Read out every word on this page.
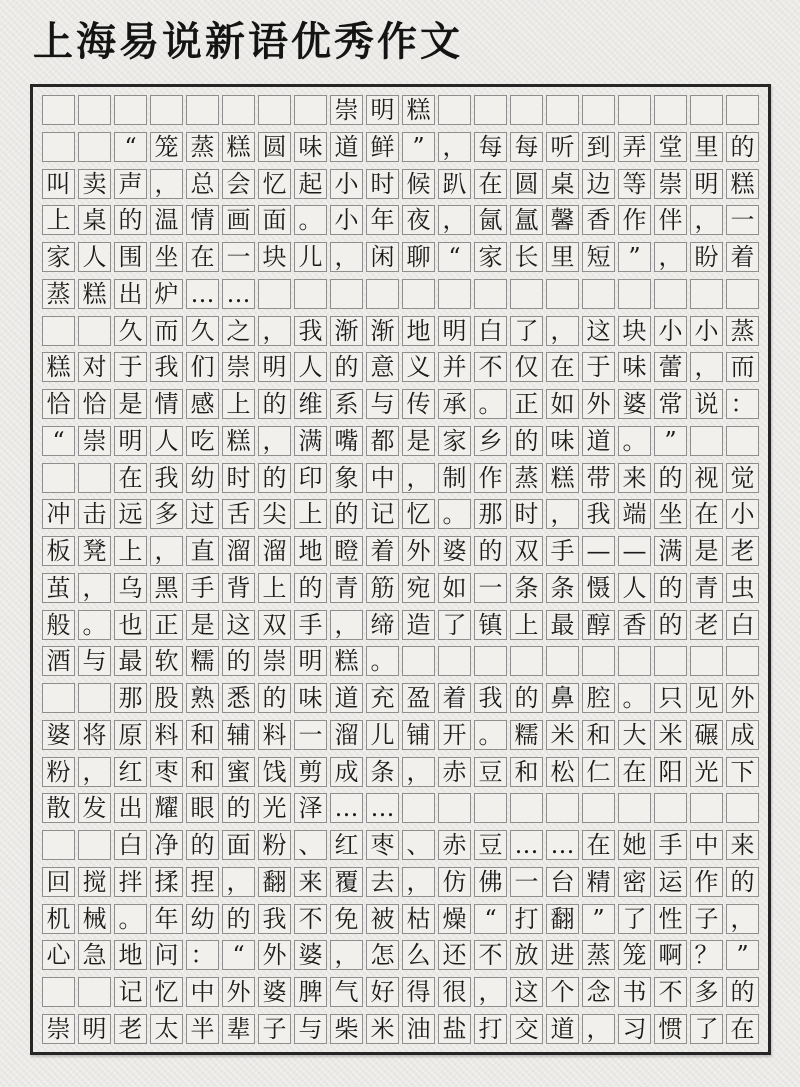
上海易说新语优秀作文
崇 明 糕
“ 笼 蒸 糕 圆 味 道 鲜 ” ， 每 每 听 到 弄 堂 里 的
叫 卖 声 ， 总 会 忆 起 小 时 候 趴 在 圆 桌 边 等 崇 明 糕
上 桌 的 温 情 画 面 。 小 年 夜 ， 氤 氲 馨 香 作 伴 ， 一
家 人 围 坐 在 一 块 儿 ， 闲 聊 “ 家 长 里 短 ” ， 盼 着
蒸 糕 出 炉 … …
久 而 久 之 ， 我 渐 渐 地 明 白 了 ， 这 块 小 小 蒸
糕 对 于 我 们 崇 明 人 的 意 义 并 不 仅 在 于 味 蕾 ， 而
恰 恰 是 情 感 上 的 维 系 与 传 承 。 正 如 外 婆 常 说 ：
“ 崇 明 人 吃 糕 ， 满 嘴 都 是 家 乡 的 味 道 。 ”
在 我 幼 时 的 印 象 中 ， 制 作 蒸 糕 带 来 的 视 觉
冲 击 远 多 过 舌 尖 上 的 记 忆 。 那 时 ， 我 端 坐 在 小
板 凳 上 ， 直 溜 溜 地 瞪 着 外 婆 的 双 手 — — 满 是 老
茧 ， 乌 黑 手 背 上 的 青 筋 宛 如 一 条 条 慑 人 的 青 虫
般 。 也 正 是 这 双 手 ， 缔 造 了 镇 上 最 醇 香 的 老 白
酒 与 最 软 糯 的 崇 明 糕 。
那 股 熟 悉 的 味 道 充 盈 着 我 的 鼻 腔 。 只 见 外
婆 将 原 料 和 辅 料 一 溜 儿 铺 开 。 糯 米 和 大 米 碾 成
粉 ， 红 枣 和 蜜 饯 剪 成 条 ， 赤 豆 和 松 仁 在 阳 光 下
散 发 出 耀 眼 的 光 泽 … …
白 净 的 面 粉 、 红 枣 、 赤 豆 … … 在 她 手 中 来
回 搅 拌 揉 捏 ， 翻 来 覆 去 ， 仿 佛 一 台 精 密 运 作 的
机 械 。 年 幼 的 我 不 免 被 枯 燥 “ 打 翻 ” 了 性 子 ，
心 急 地 问 ： “ 外 婆 ， 怎 么 还 不 放 进 蒸 笼 啊 ？ ”
记 忆 中 外 婆 脾 气 好 得 很 ， 这 个 念 书 不 多 的
崇 明 老 太 半 辈 子 与 柴 米 油 盐 打 交 道 ， 习 惯 了 在
